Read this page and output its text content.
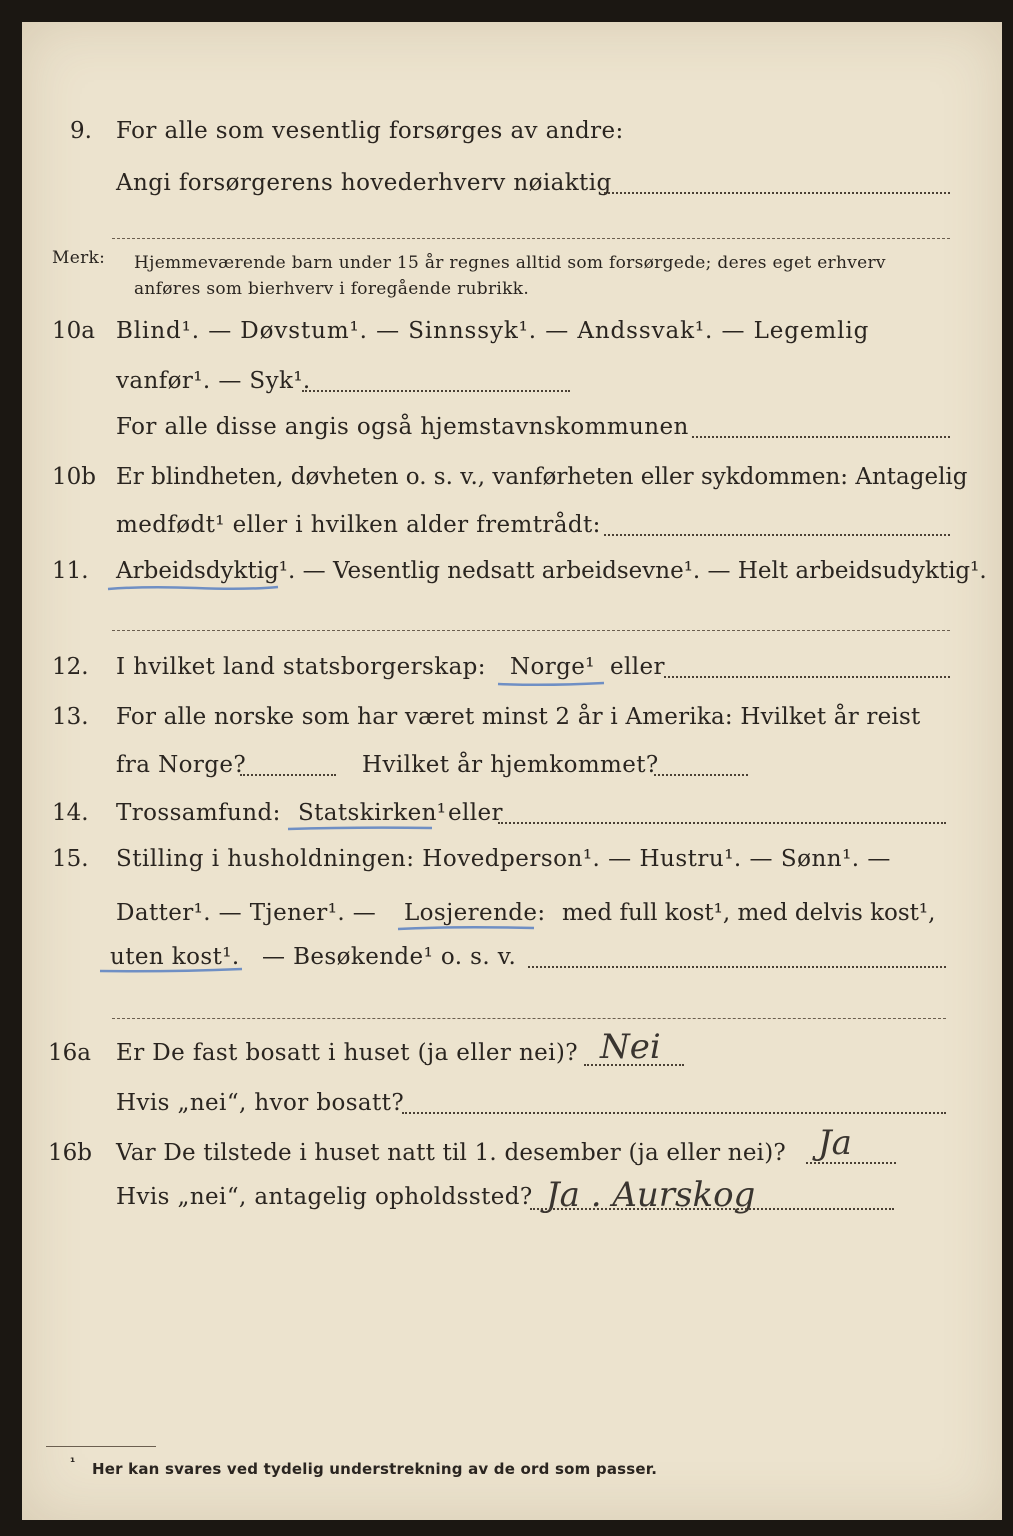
9. For alle som vesentlig forsørges av andre:
Angi forsørgerens hovederhverv nøiaktig
Merk: Hjemmeværende barn under 15 år regnes alltid som forsørgede; deres eget erhverv
anføres som bierhverv i foregående rubrikk.
10a Blind¹. — Døvstum¹. — Sinnssyk¹. — Andssvak¹. — Legemlig
vanfør¹. — Syk¹.
For alle disse angis også hjemstavnskommunen
10b Er blindheten, døvheten o. s. v., vanførheten eller sykdommen: Antagelig
medfødt¹ eller i hvilken alder fremtrådt:
11. Arbeidsdyktig¹. — Vesentlig nedsatt arbeidsevne¹. — Helt arbeidsudyktig¹.
12. I hvilket land statsborgerskap: Norge¹ eller
13. For alle norske som har været minst 2 år i Amerika: Hvilket år reist
fra Norge?	Hvilket år hjemkommet?
14. Trossamfund: Statskirken¹ eller
15. Stilling i husholdningen: Hovedperson¹. — Hustru¹. — Sønn¹. —
Datter¹. — Tjener¹. — Losjerende: med full kost¹, med delvis kost¹,
uten kost¹. — Besøkende¹ o. s. v.
16a Er De fast bosatt i huset (ja eller nei)? Nei
Hvis „nei“, hvor bosatt?
16b Var De tilstede i huset natt til 1. desember (ja eller nei)? Ja
Hvis „nei“, antagelig opholdssted? Ja . Aurskog
¹ Her kan svares ved tydelig understrekning av de ord som passer.
